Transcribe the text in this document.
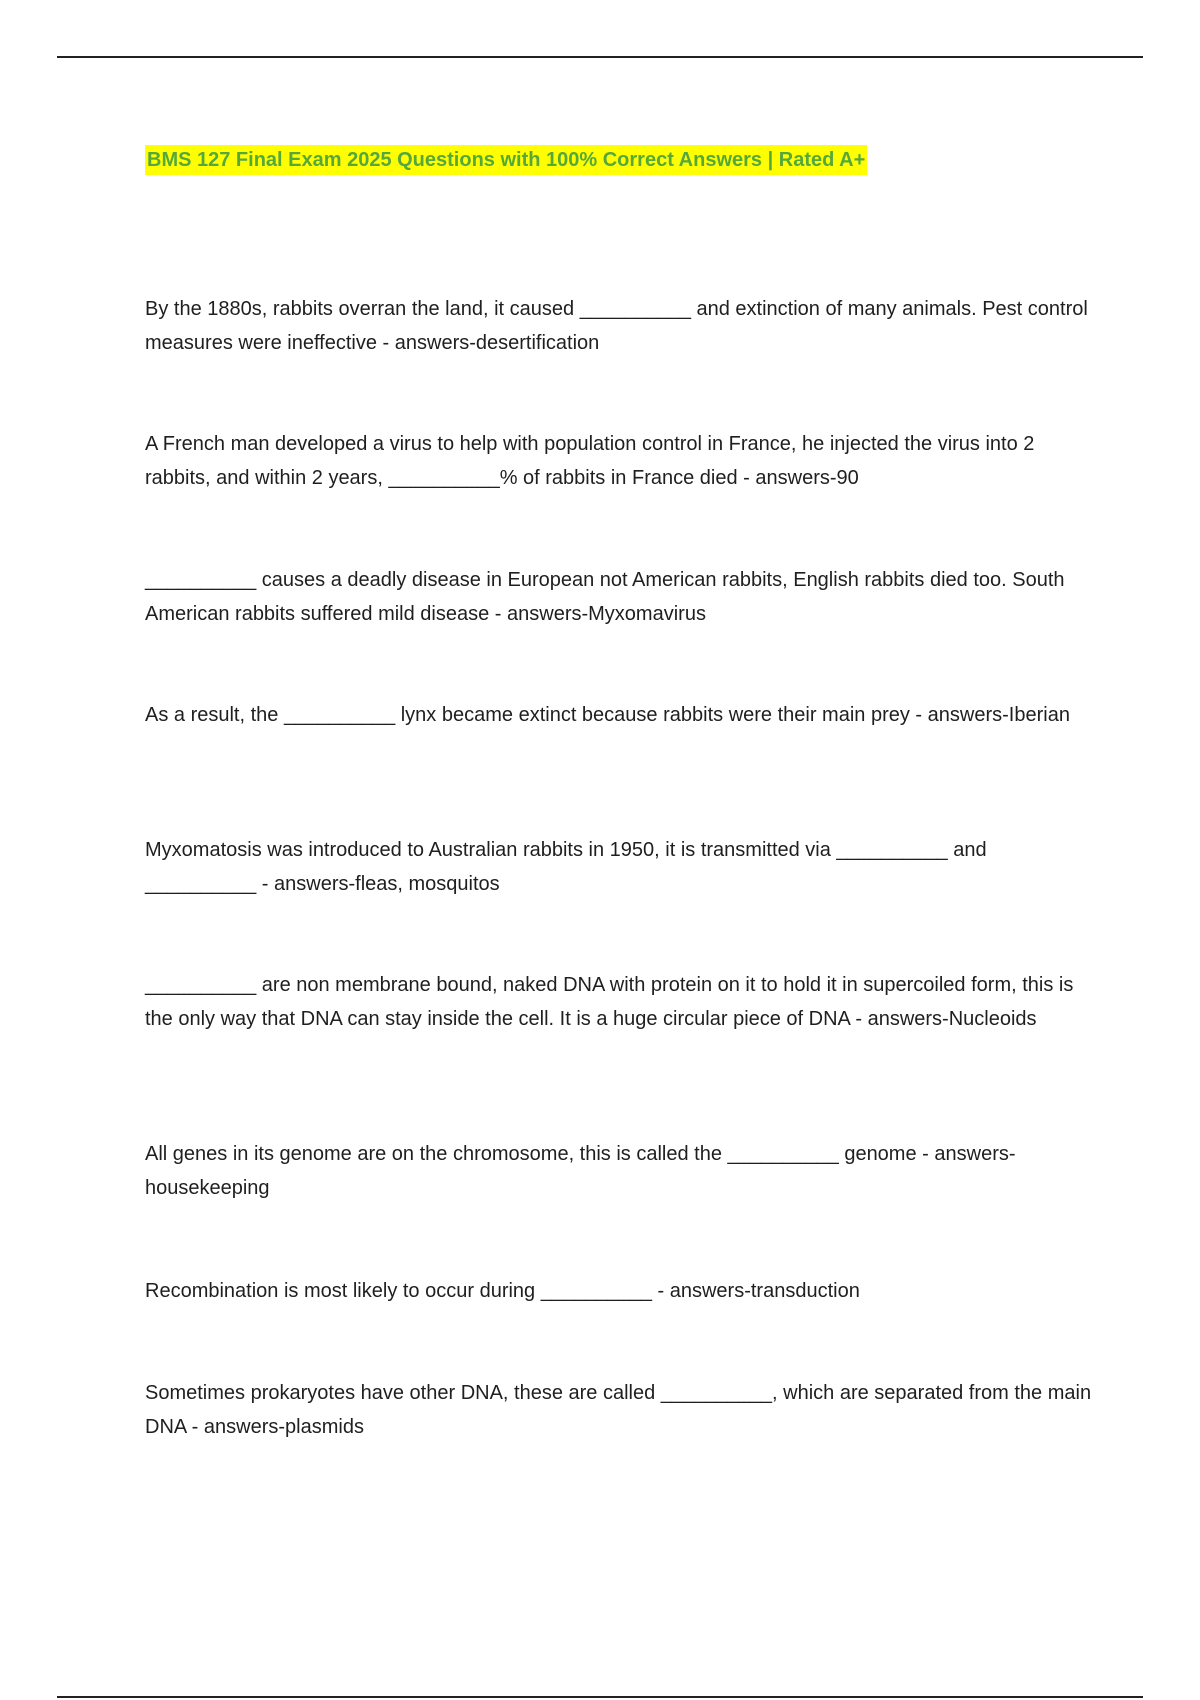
BMS 127 Final Exam 2025 Questions with 100% Correct Answers | Rated A+
By the 1880s, rabbits overran the land, it caused __________ and extinction of many animals. Pest control measures were ineffective - answers-desertification
A French man developed a virus to help with population control in France, he injected the virus into 2 rabbits, and within 2 years, __________% of rabbits in France died - answers-90
__________ causes a deadly disease in European not American rabbits, English rabbits died too. South American rabbits suffered mild disease - answers-Myxomavirus
As a result, the __________ lynx became extinct because rabbits were their main prey - answers-Iberian
Myxomatosis was introduced to Australian rabbits in 1950, it is transmitted via __________ and __________ - answers-fleas, mosquitos
__________ are non membrane bound, naked DNA with protein on it to hold it in supercoiled form, this is the only way that DNA can stay inside the cell. It is a huge circular piece of DNA - answers-Nucleoids
All genes in its genome are on the chromosome, this is called the __________ genome - answers-housekeeping
Recombination is most likely to occur during __________ - answers-transduction
Sometimes prokaryotes have other DNA, these are called __________, which are separated from the main DNA - answers-plasmids
